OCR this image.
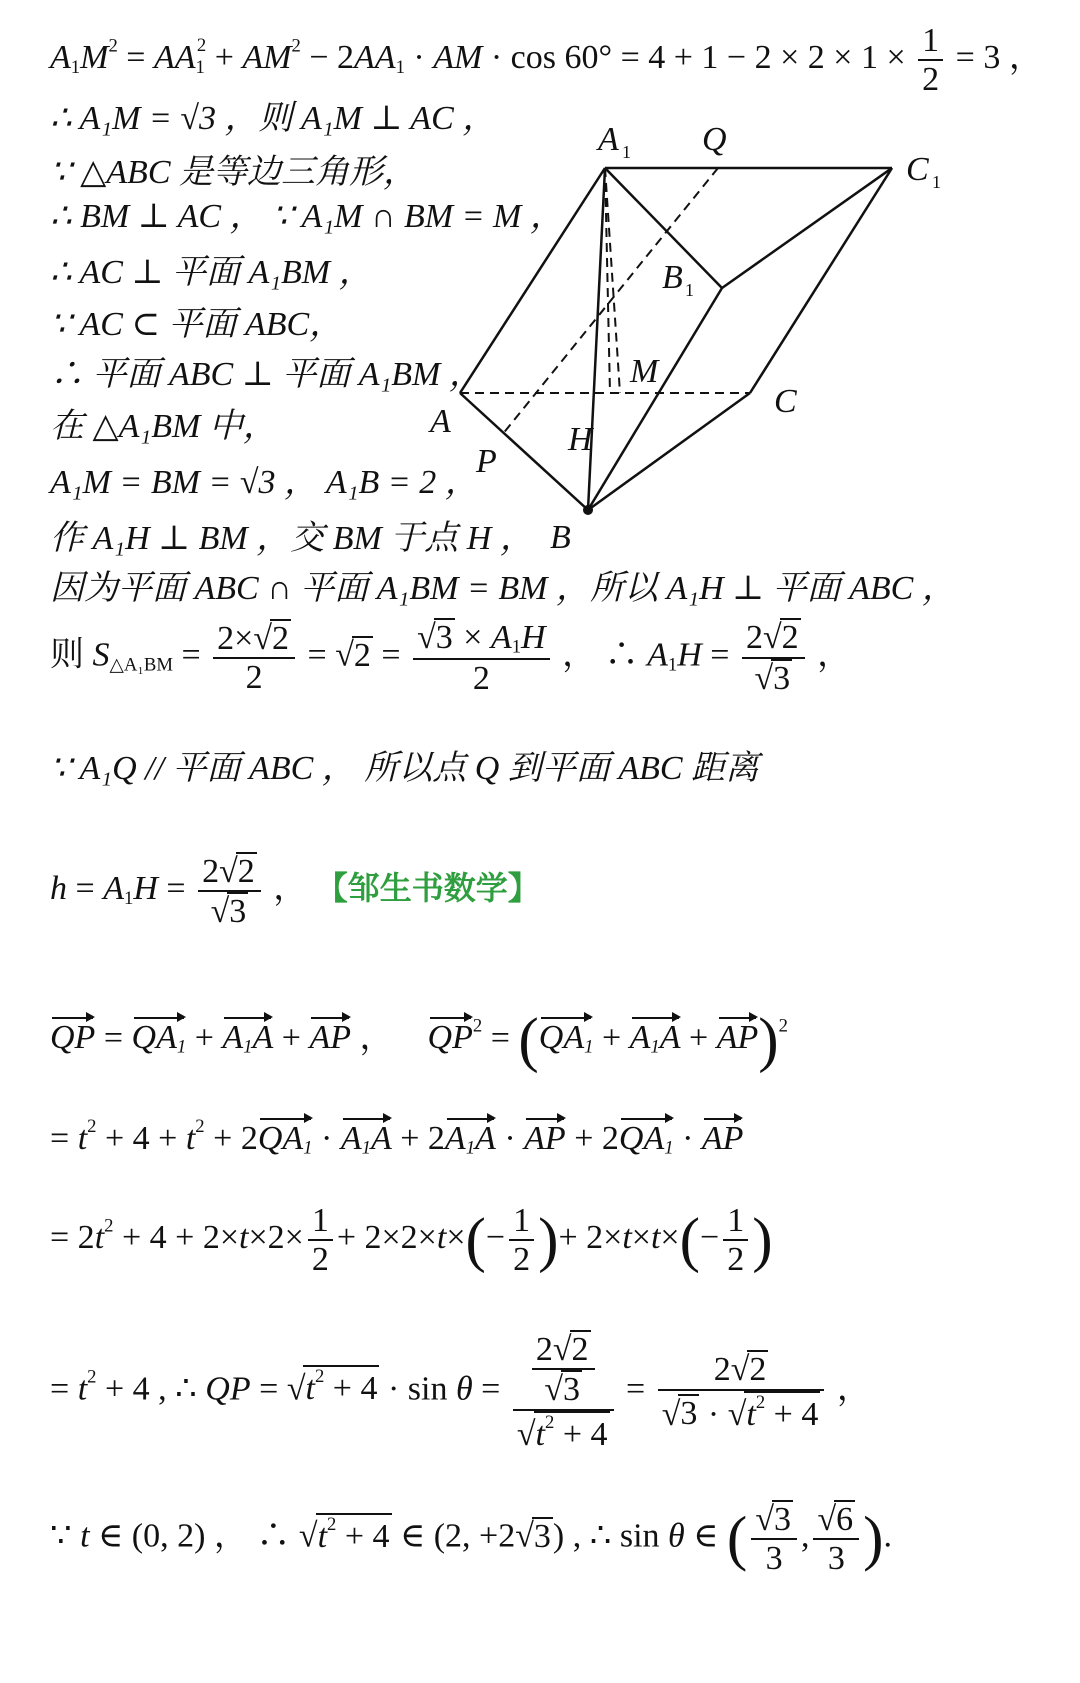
$A_1M^2 = AA_1^2 + AM^2 - 2AA_1$ · AM · $\cos 60^\circ = 4 + 1 - 2 \times 2 \times 1 \times \frac{1}{2} = 3$ ，
∴ A₁M = √3 ，则 A₁M ⊥ AC ，
∵ △ABC 是等边三角形，
∴ BM ⊥ AC ， ∵ A₁M ∩ BM = M ，
∴ AC ⊥ 平面 A₁BM ，
∵ AC ⊂ 平面 ABC，
∴ 平面 ABC ⊥ 平面 A₁BM ，
在 △A₁BM 中，
A₁M = BM = √3 ， A₁B = 2 ，
作 A₁H ⊥ BM ，交 BM 于点 H ，
因为平面 ABC ∩ 平面 A₁BM = BM ，所以 A₁H ⊥ 平面 ABC ，
则 $S_{\triangle A_1BM} = \frac{2\times√2}{2} = √2 = \frac{√3 \times A_1H}{2}$ ， ∴ $A_1H = \frac{2√2}{√3}$ ，
∵ A₁Q // 平面 ABC ， 所以点 Q 到平面 ABC 距离
$h = A_1H = \frac{2√2}{√3}$ ， 【邹生书数学】
QP = $QA_1 + A_1A$ + AP ，    $QP^2 = (QA_1 + A_1A + AP)^2$
= $t^2 + 4 + t^2 + 2QA_1 \cdot A_1A + 2A_1A$ · AP + $2QA_1$ · AP
= $2t^2 + 4 + 2\times t\times 2\times \frac{1}{2} + 2\times 2\times t\times(- \frac{1}{2}$ )+ $2\times t\times t\times(- \frac{1}{2}$ )
= $t^2 + 4$ , ∴ QP = $√t^2 + 4 \cdot \sin \theta = \frac{\frac{2√2}{√3}}{√t^2 + 4} = \frac{2√2}{√3 \cdot √t^2 + 4}$ ，
∵ t ∈ (0, 2) ， ∴ $√t^2 + 4$ ∈ (2, +2√3) , ∴ sin θ ∈ ( $\frac{√3}{3}$ , $\frac{√6}{3}$ ).
A 1 Q
C 1
B 1
M
A
C
H
P
B
